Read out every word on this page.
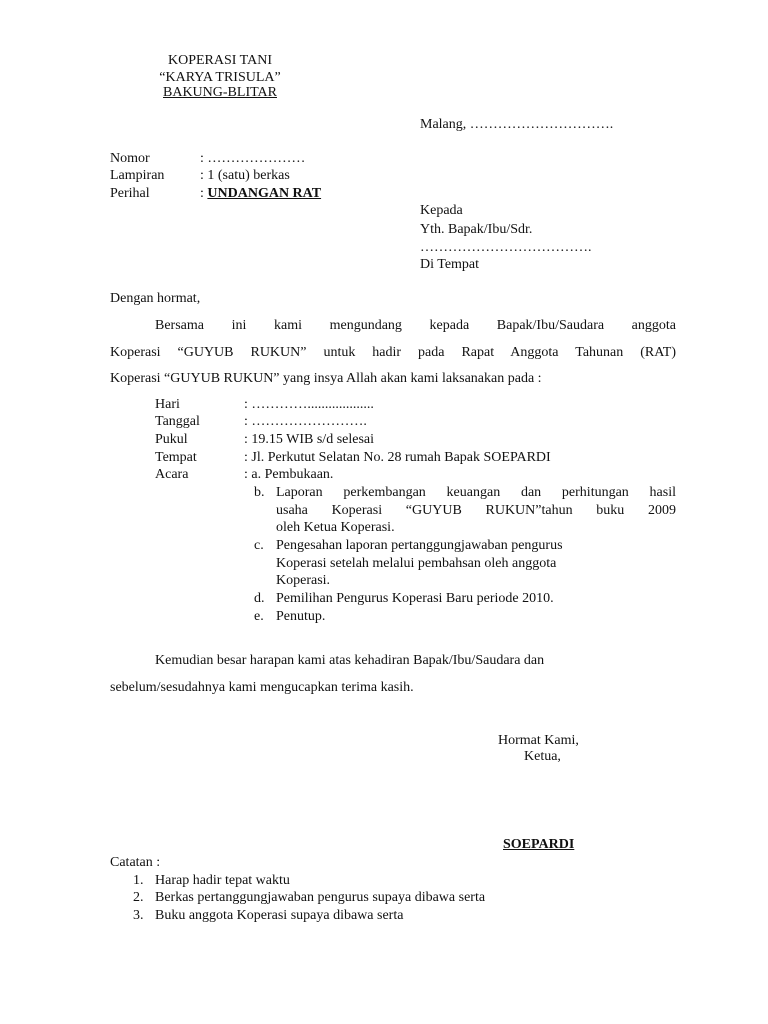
KOPERASI TANI
“KARYA TRISULA”
BAKUNG-BLITAR
Malang, ………………………….
Nomor	: …………………
Lampiran	: 1 (satu) berkas
Perihal	: UNDANGAN RAT
Kepada
Yth. Bapak/Ibu/Sdr.
……………………………….
Di Tempat
Dengan hormat,
Bersama ini kami mengundang kepada Bapak/Ibu/Saudara anggota
Koperasi “GUYUB RUKUN” untuk hadir pada Rapat Anggota Tahunan (RAT)
Koperasi “GUYUB RUKUN” yang insya Allah akan kami laksanakan pada :
Hari	: …………...................
Tanggal	: …………………….
Pukul	: 19.15 WIB s/d selesai
Tempat	: Jl. Perkutut Selatan No. 28 rumah Bapak SOEPARDI
Acara	: a. Pembukaan.
b. Laporan perkembangan keuangan dan perhitungan hasil
usaha Koperasi “GUYUB RUKUN”tahun buku 2009
oleh Ketua Koperasi.
c. Pengesahan laporan pertanggungjawaban pengurus
Koperasi setelah melalui pembahsan oleh anggota
Koperasi.
d. Pemilihan Pengurus Koperasi Baru periode 2010.
e. Penutup.
Kemudian besar harapan kami atas kehadiran Bapak/Ibu/Saudara dan
sebelum/sesudahnya kami mengucapkan terima kasih.
Hormat Kami,
Ketua,
SOEPARDI
Catatan :
1. Harap hadir tepat waktu
2. Berkas pertanggungjawaban pengurus supaya dibawa serta
3. Buku anggota Koperasi supaya dibawa serta
